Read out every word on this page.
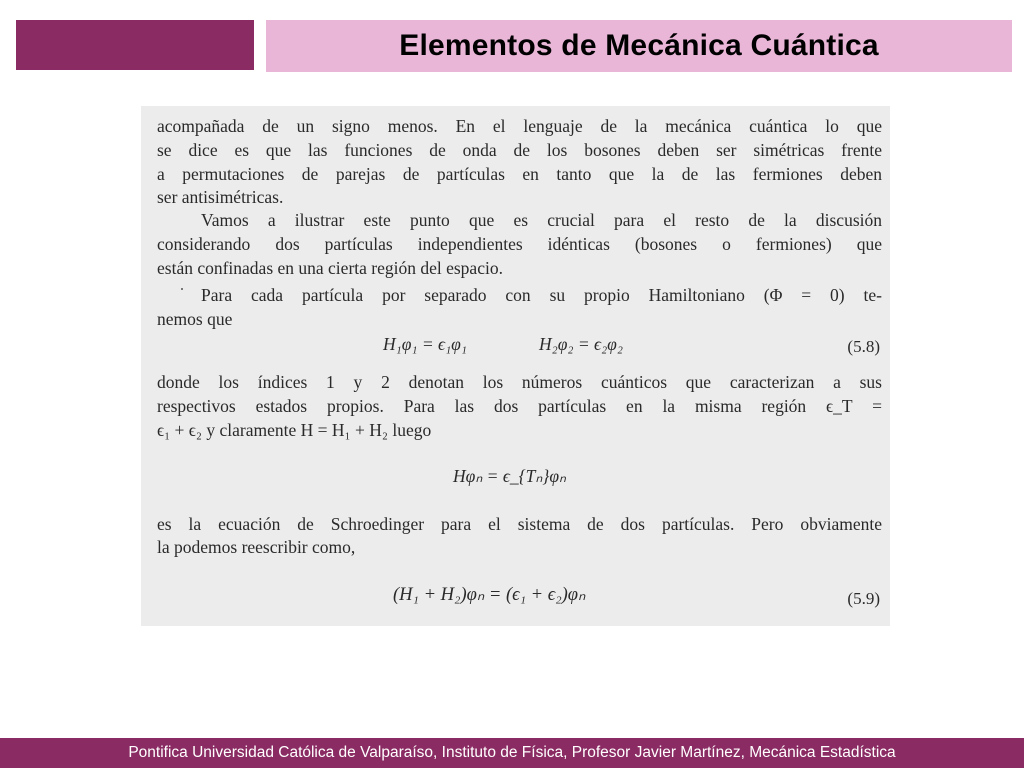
Elementos de Mecánica Cuántica
acompañada de un signo menos. En el lenguaje de la mecánica cuántica lo que
se dice es que las funciones de onda de los bosones deben ser simétricas frente
a permutaciones de parejas de partículas en tanto que la de las fermiones deben
ser antisimétricas.
Vamos a ilustrar este punto que es crucial para el resto de la discusión
considerando dos partículas independientes idénticas (bosones o fermiones) que
están confinadas en una cierta región del espacio.
Para cada partícula por separado con su propio Hamiltoniano (Φ = 0) te-
nemos que
H₁φ₁ = ϵ₁φ₁	H₂φ₂ = ϵ₂φ₂	(5.8)
donde los índices 1 y 2 denotan los números cuánticos que caracterizan a sus
respectivos estados propios. Para las dos partículas en la misma región ϵ_T =
ϵ₁ + ϵ₂ y claramente H = H₁ + H₂ luego
Hφₙ = ϵ_{Tₙ}φₙ
es la ecuación de Schroedinger para el sistema de dos partículas. Pero obviamente
la podemos reescribir como,
(H₁ + H₂)φₙ = (ϵ₁ + ϵ₂)φₙ	(5.9)
Pontifica Universidad Católica de Valparaíso, Instituto de Física, Profesor Javier Martínez, Mecánica Estadística
